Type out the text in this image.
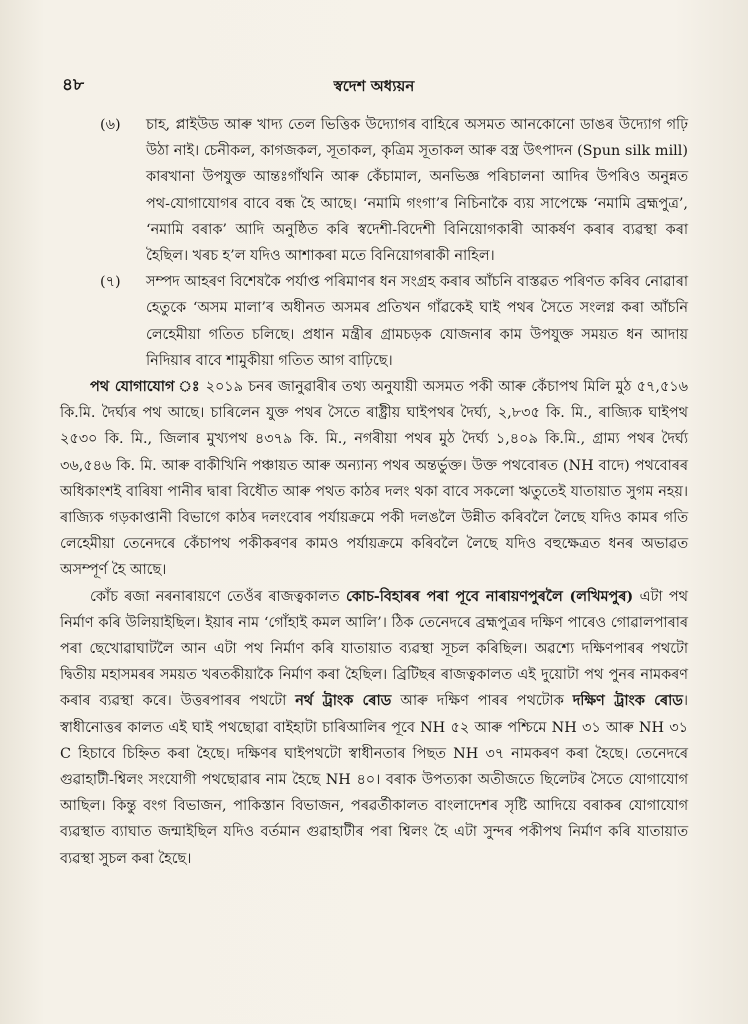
৪৮	স্বদেশ অধ্যয়ন
(৬)	চাহ, প্লাইউড আৰু খাদ্য তেল ভিত্তিক উদ্যোগৰ বাহিৰে অসমত আনকোনো ডাঙৰ উদ্যোগ গঢ়ি উঠা নাই। চেনীকল, কাগজকল, সূতাকল, কৃত্ৰিম সূতাকল আৰু বস্ত্ৰ উৎপাদন (Spun silk mill) কাৰখানা উপযুক্ত আন্তঃগাঁথনি আৰু কেঁচামাল, অনভিজ্ঞ পৰিচালনা আদিৰ উপৰিও অনুন্নত পথ-যোগাযোগৰ বাবে বন্ধ হৈ আছে। ‘নমামি গংগা’ৰ নিচিনাকৈ ব্যয় সাপেক্ষে ‘নমামি ব্ৰহ্মপুত্ৰ’, ‘নমামি বৰাক’ আদি অনুষ্ঠিত কৰি স্বদেশী-বিদেশী বিনিয়োগকাৰী আকৰ্ষণ কৰাৰ ব্যৱস্থা কৰা হৈছিল। খৰচ হ’ল যদিও আশাকৰা মতে বিনিয়োগৰাকী নাহিল।
(৭)	সম্পদ আহৰণ বিশেষকৈ পৰ্যাপ্ত পৰিমাণৰ ধন সংগ্ৰহ কৰাৰ আঁচনি বাস্তৱত পৰিণত কৰিব নোৱাৰা হেতুকে ‘অসম মালা’ৰ অধীনত অসমৰ প্ৰতিখন গাঁৱকেই ঘাই পথৰ সৈতে সংলগ্ন কৰা আঁচনি লেহেমীয়া গতিত চলিছে। প্ৰধান মন্ত্ৰীৰ গ্ৰামচড়ক যোজনাৰ কাম উপযুক্ত সময়ত ধন আদায় নিদিয়াৰ বাবে শামুকীয়া গতিত আগ বাঢ়িছে।

পথ যোগাযোগ ঃ ২০১৯ চনৰ জানুৱাৰীৰ তথ্য অনুযায়ী অসমত পকী আৰু কেঁচাপথ মিলি মুঠ ৫৭,৫১৬ কি.মি. দৈৰ্ঘ্যৰ পথ আছে। চাৰিলেন যুক্ত পথৰ সৈতে ৰাষ্ট্ৰীয় ঘাইপথৰ দৈৰ্ঘ্য, ২,৮৩৫ কি. মি., ৰাজ্যিক ঘাইপথ ২৫৩০ কি. মি., জিলাৰ মুখ্যপথ ৪৩৭৯ কি. মি., নগৰীয়া পথৰ মুঠ দৈৰ্ঘ্য ১,৪০৯ কি.মি., গ্ৰাম্য পথৰ দৈৰ্ঘ্য ৩৬,৫৪৬ কি. মি. আৰু বাকীখিনি পঞ্চায়ত আৰু অন্যান্য পথৰ অন্তৰ্ভুক্ত। উক্ত পথবোৰত (NH বাদে) পথবোৰৰ অধিকাংশই বাৰিষা পানীৰ দ্বাৰা বিধৌত আৰু পথত কাঠৰ দলং থকা বাবে সকলো ঋতুতেই যাতায়াত সুগম নহয়। ৰাজ্যিক গড়কাপ্তানী বিভাগে কাঠৰ দলংবোৰ পৰ্যায়ক্ৰমে পকী দলঙলৈ উন্নীত কৰিবলৈ লৈছে যদিও কামৰ গতি লেহেমীয়া তেনেদৰে কেঁচাপথ পকীকৰণৰ কামও পৰ্যায়ক্ৰমে কৰিবলৈ লৈছে যদিও বহুক্ষেত্ৰত ধনৰ অভাৱত অসম্পূৰ্ণ হৈ আছে।

কোঁচ ৰজা নৰনাৰায়ণে তেওঁৰ ৰাজত্বকালত কোচ-বিহাৰৰ পৰা পূবে নাৰায়ণপুৰলৈ (লখিমপুৰ) এটা পথ নিৰ্মাণ কৰি উলিয়াইছিল। ইয়াৰ নাম ‘গোঁহাই কমল আলি’। ঠিক তেনেদৰে ব্ৰহ্মপুত্ৰৰ দক্ষিণ পাৰেও গোৱালপাৰাৰ পৰা ছেখোৱাঘাটলৈ আন এটা পথ নিৰ্মাণ কৰি যাতায়াত ব্যৱস্থা সূচল কৰিছিল। অৱশ্যে দক্ষিণপাৰৰ পথটো দ্বিতীয় মহাসমৰৰ সময়ত খৰতকীয়াকৈ নিৰ্মাণ কৰা হৈছিল। ব্ৰিটিছৰ ৰাজত্বকালত এই দুয়োটা পথ পুনৰ নামকৰণ কৰাৰ ব্যৱস্থা কৰে। উত্তৰপাৰৰ পথটো নৰ্থ ট্ৰাংক ৰোড আৰু দক্ষিণ পাৰৰ পথটোক দক্ষিণ ট্ৰাংক ৰোড। স্বাধীনোত্তৰ কালত এই ঘাই পথছোৱা বাইহাটা চাৰিআলিৰ পূবে NH ৫২ আৰু পশ্চিমে NH ৩১ আৰু NH ৩১ C হিচাবে চিহ্নিত কৰা হৈছে। দক্ষিণৰ ঘাইপথটো স্বাধীনতাৰ পিছত NH ৩৭ নামকৰণ কৰা হৈছে। তেনেদৰে গুৱাহাটী-শ্বিলং সংযোগী পথছোৱাৰ নাম হৈছে NH ৪০। বৰাক উপত্যকা অতীজতে ছিলেটৰ সৈতে যোগাযোগ আছিল। কিন্তু বংগ বিভাজন, পাকিস্তান বিভাজন, পৰৱৰ্তীকালত বাংলাদেশৰ সৃষ্টি আদিয়ে বৰাকৰ যোগাযোগ ব্যৱস্থাত ব্যাঘাত জন্মাইছিল যদিও বৰ্তমান গুৱাহাটীৰ পৰা শ্বিলং হৈ এটা সুন্দৰ পকীপথ নিৰ্মাণ কৰি যাতায়াত ব্যৱস্থা সুচল কৰা হৈছে।
